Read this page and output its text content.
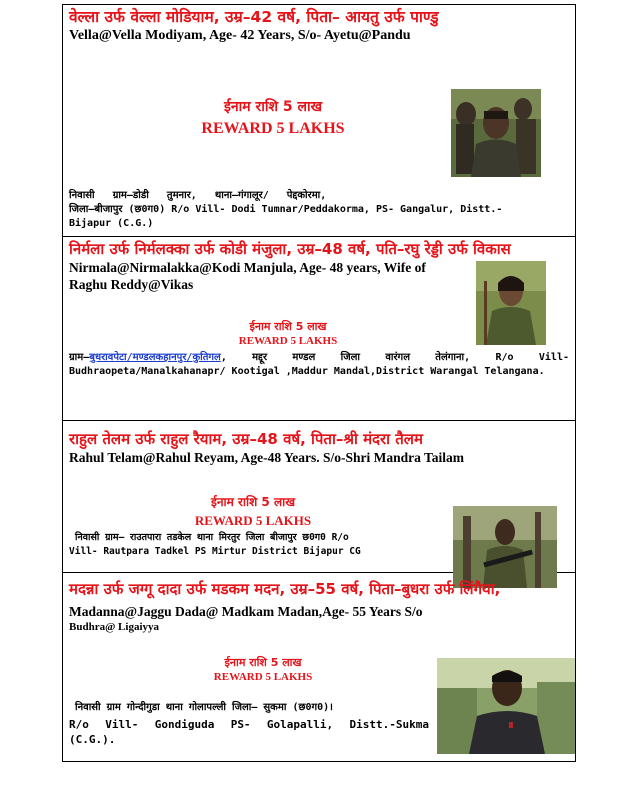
वेल्ला उर्फ वेल्ला मोडियाम, उम्र–42 वर्ष, पिता– आयतु उर्फ पाण्डु
Vella@Vella Modiyam, Age- 42 Years, S/o- Ayetu@Pandu
ईनाम राशि 5 लाख
REWARD 5 LAKHS
निवासी   ग्राम–डोडी   तुमनार,   थाना–गंगालूर/   पेद्दकोरमा,
जिला–बीजापुर (छ0ग0) R/o Vill- Dodi Tumnar/Peddakorma, PS- Gangalur, Distt.-
Bijapur (C.G.)
निर्मला उर्फ निर्मलक्का उर्फ कोडी मंजुला, उम्र–48 वर्ष, पति–रघु रेड्डी उर्फ विकास
Nirmala@Nirmalakka@Kodi Manjula, Age- 48 years, Wife of Raghu Reddy@Vikas
ईनाम राशि 5 लाख
REWARD 5 LAKHS
ग्राम–बुधरावपेटा/मण्डलकहानपुर/कुतिगल, मद्दूर मण्डल जिला वारंगल तेलंगाना, R/o Vill- Budhraopeta/Manalkahanapr/ Kootigal ,Maddur Mandal,District Warangal Telangana.
राहुल तेलम उर्फ राहुल रैयाम, उम्र–48 वर्ष, पिता–श्री मंदरा तैलम
Rahul Telam@Rahul Reyam, Age-48 Years. S/o-Shri Mandra Tailam
ईनाम राशि 5 लाख
REWARD 5 LAKHS
निवासी ग्राम– राउतपारा तडकेल थाना मिरतुर जिला बीजापुर छ0ग0 R/o
Vill- Rautpara Tadkel PS Mirtur District Bijapur CG
मदन्ना उर्फ जग्गू दादा उर्फ मडकम मदन, उम्र–55 वर्ष, पिता–बुधरा उर्फ लिंगैया,
Madanna@Jaggu Dada@ Madkam Madan,Age- 55 Years S/o
Budhra@ Ligaiyya
ईनाम राशि 5 लाख
REWARD 5 LAKHS
निवासी ग्राम गोन्दीगुडा थाना गोलापल्ली जिला– सुकमा (छ0ग0)।
R/o Vill- Gondiguda PS- Golapalli, Distt.-Sukma (C.G.).
